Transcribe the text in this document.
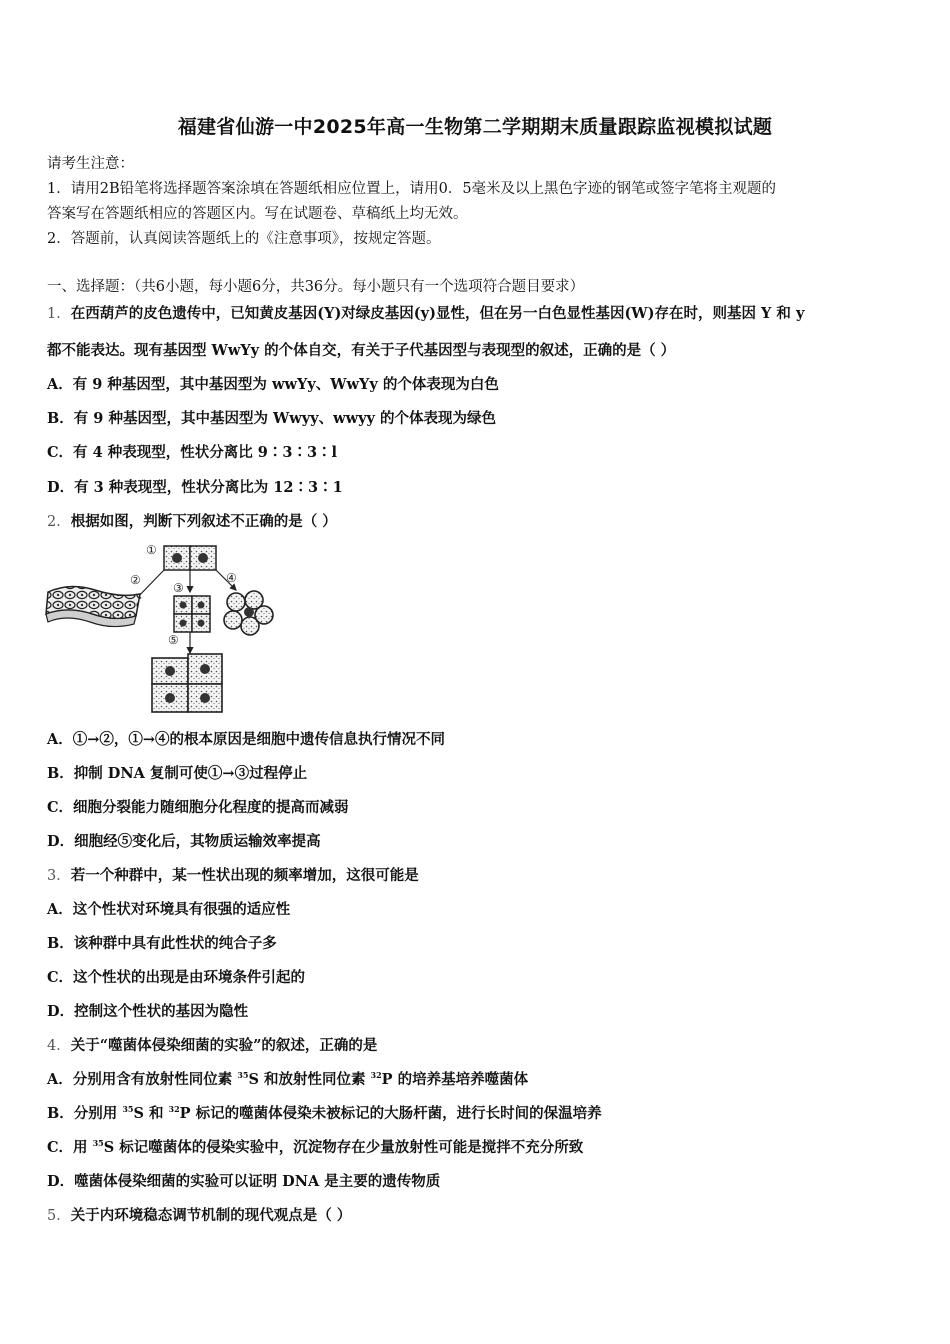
福建省仙游一中2025年高一生物第二学期期末质量跟踪监视模拟试题
请考生注意：
1．请用2B铅笔将选择题答案涂填在答题纸相应位置上，请用0．5毫米及以上黑色字迹的钢笔或签字笔将主观题的
答案写在答题纸相应的答题区内。写在试题卷、草稿纸上均无效。
2．答题前，认真阅读答题纸上的《注意事项》，按规定答题。
一、选择题：（共6小题，每小题6分，共36分。每小题只有一个选项符合题目要求）
1．在西葫芦的皮色遗传中，已知黄皮基因(Y)对绿皮基因(y)显性，但在另一白色显性基因(W)存在时，则基因 Y 和 y
都不能表达。现有基因型 WwYy 的个体自交，有关于子代基因型与表现型的叙述，正确的是（ ）
A．有 9 种基因型，其中基因型为 wwYy、WwYy 的个体表现为白色
B．有 9 种基因型，其中基因型为 Wwyy、wwyy 的个体表现为绿色
C．有 4 种表现型，性状分离比 9∶3∶3∶l
D．有 3 种表现型，性状分离比为 12∶3∶1
2．根据如图，判断下列叙述不正确的是（ ）
①
②
③
④
⑤
A．①→②，①→④的根本原因是细胞中遗传信息执行情况不同
B．抑制 DNA 复制可使①→③过程停止
C．细胞分裂能力随细胞分化程度的提高而减弱
D．细胞经⑤变化后，其物质运输效率提高
3．若一个种群中，某一性状出现的频率增加，这很可能是
A．这个性状对环境具有很强的适应性
B．该种群中具有此性状的纯合子多
C．这个性状的出现是由环境条件引起的
D．控制这个性状的基因为隐性
4．关于“噬菌体侵染细菌的实验”的叙述，正确的是
A．分别用含有放射性同位素 $^{35}$S 和放射性同位素 $^{32}$P 的培养基培养噬菌体
B．分别用 $^{35}$S 和 $^{32}$P 标记的噬菌体侵染未被标记的大肠杆菌，进行长时间的保温培养
C．用 $^{35}$S 标记噬菌体的侵染实验中，沉淀物存在少量放射性可能是搅拌不充分所致
D．噬菌体侵染细菌的实验可以证明 DNA 是主要的遗传物质
5．关于内环境稳态调节机制的现代观点是（ ）
